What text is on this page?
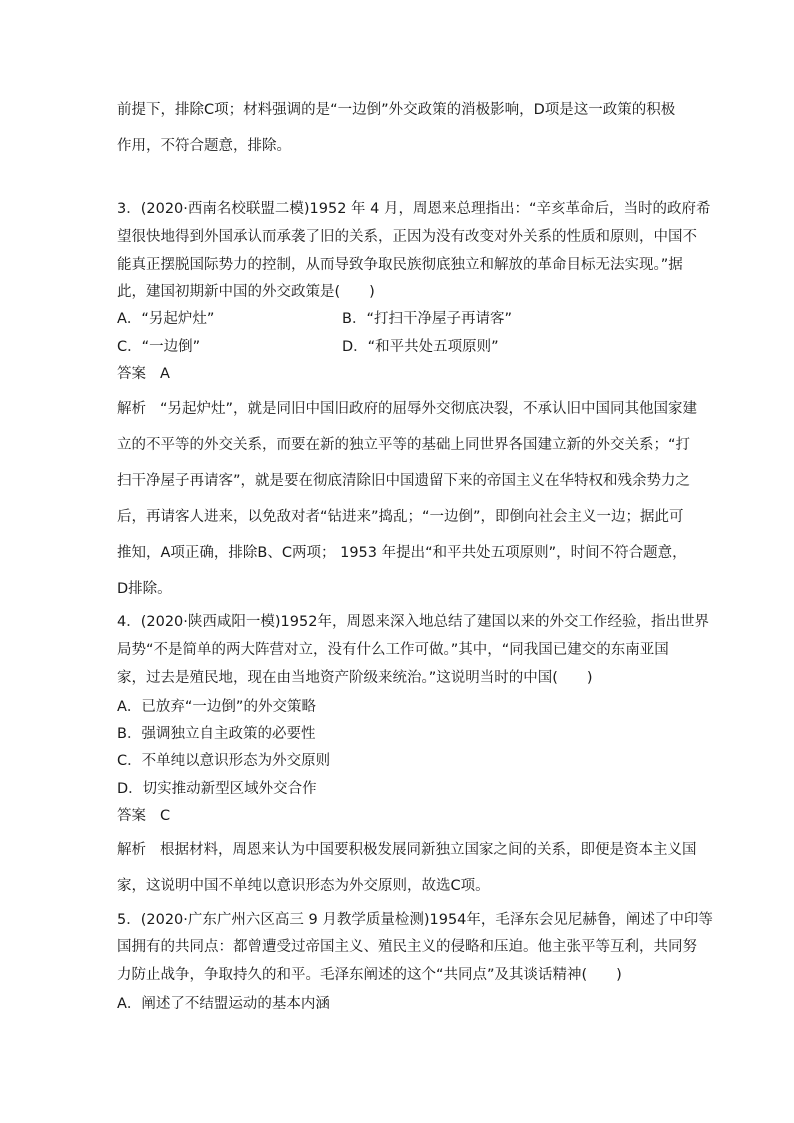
前提下，排除C项；材料强调的是“一边倒”外交政策的消极影响，D项是这一政策的积极
作用，不符合题意，排除。
3．(2020·西南名校联盟二模)1952 年 4 月，周恩来总理指出：“辛亥革命后，当时的政府希
望很快地得到外国承认而承袭了旧的关系，正因为没有改变对外关系的性质和原则，中国不
能真正摆脱国际势力的控制，从而导致争取民族彻底独立和解放的革命目标无法实现。”据
此，建国初期新中国的外交政策是(　　)
A．“另起炉灶”	B．“打扫干净屋子再请客”
C．“一边倒”	D．“和平共处五项原则”
答案 A
解析 “另起炉灶”，就是同旧中国旧政府的屈辱外交彻底决裂，不承认旧中国同其他国家建
立的不平等的外交关系，而要在新的独立平等的基础上同世界各国建立新的外交关系；“打
扫干净屋子再请客”，就是要在彻底清除旧中国遗留下来的帝国主义在华特权和残余势力之
后，再请客人进来，以免敌对者“钻进来”捣乱；“一边倒”，即倒向社会主义一边；据此可
推知，A项正确，排除B、C两项； 1953 年提出“和平共处五项原则”，时间不符合题意，
D排除。
4．(2020·陕西咸阳一模)1952年，周恩来深入地总结了建国以来的外交工作经验，指出世界
局势“不是简单的两大阵营对立，没有什么工作可做。”其中，“同我国已建交的东南亚国
家，过去是殖民地，现在由当地资产阶级来统治。”这说明当时的中国(　　)
A．已放弃“一边倒”的外交策略
B．强调独立自主政策的必要性
C．不单纯以意识形态为外交原则
D．切实推动新型区域外交合作
答案 C
解析 根据材料，周恩来认为中国要积极发展同新独立国家之间的关系，即便是资本主义国
家，这说明中国不单纯以意识形态为外交原则，故选C项。
5．(2020·广东广州六区高三 9 月教学质量检测)1954年，毛泽东会见尼赫鲁，阐述了中印等
国拥有的共同点：都曾遭受过帝国主义、殖民主义的侵略和压迫。他主张平等互利，共同努
力防止战争，争取持久的和平。毛泽东阐述的这个“共同点”及其谈话精神(　　)
A．阐述了不结盟运动的基本内涵
